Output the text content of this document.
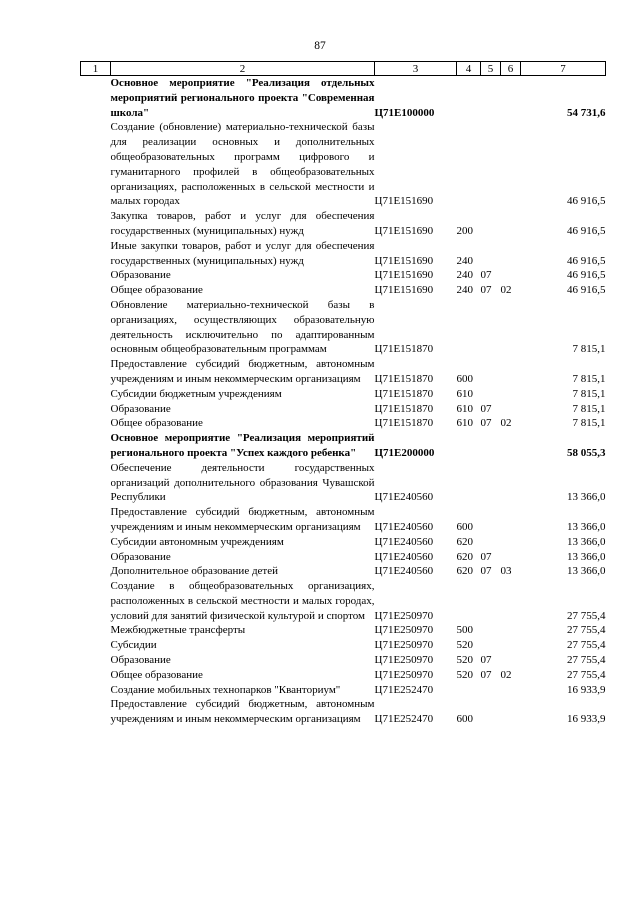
87
1	2	3	4	5	6	7
	Основное мероприятие "Реализация отдельных мероприятий регионального проекта "Современная школа"	Ц71Е100000				54 731,6
	Создание (обновление) материально-технической базы для реализации основных и дополнительных общеобразовательных программ цифрового и гуманитарного профилей в общеобразовательных организациях, расположенных в сельской местности и малых городах	Ц71Е151690				46 916,5
	Закупка товаров, работ и услуг для обеспечения государственных (муниципальных) нужд	Ц71Е151690	200			46 916,5
	Иные закупки товаров, работ и услуг для обеспечения государственных (муниципальных) нужд	Ц71Е151690	240			46 916,5
	Образование	Ц71Е151690	240	07		46 916,5
	Общее образование	Ц71Е151690	240	07	02	46 916,5
	Обновление материально-технической базы в организациях, осуществляющих образовательную деятельность исключительно по адаптированным основным общеобразовательным программам	Ц71Е151870				7 815,1
	Предоставление субсидий бюджетным, автономным учреждениям и иным некоммерческим организациям	Ц71Е151870	600			7 815,1
	Субсидии бюджетным учреждениям	Ц71Е151870	610			7 815,1
	Образование	Ц71Е151870	610	07		7 815,1
	Общее образование	Ц71Е151870	610	07	02	7 815,1
	Основное мероприятие "Реализация мероприятий регионального проекта "Успех каждого ребенка"	Ц71Е200000				58 055,3
	Обеспечение деятельности государственных организаций дополнительного образования Чувашской Республики	Ц71Е240560				13 366,0
	Предоставление субсидий бюджетным, автономным учреждениям и иным некоммерческим организациям	Ц71Е240560	600			13 366,0
	Субсидии автономным учреждениям	Ц71Е240560	620			13 366,0
	Образование	Ц71Е240560	620	07		13 366,0
	Дополнительное образование детей	Ц71Е240560	620	07	03	13 366,0
	Создание в общеобразовательных организациях, расположенных в сельской местности и малых городах, условий для занятий физической культурой и спортом	Ц71Е250970				27 755,4
	Межбюджетные трансферты	Ц71Е250970	500			27 755,4
	Субсидии	Ц71Е250970	520			27 755,4
	Образование	Ц71Е250970	520	07		27 755,4
	Общее образование	Ц71Е250970	520	07	02	27 755,4
	Создание мобильных технопарков "Кванториум"	Ц71Е252470				16 933,9
	Предоставление субсидий бюджетным, автономным учреждениям и иным некоммерческим организациям	Ц71Е252470	600			16 933,9
